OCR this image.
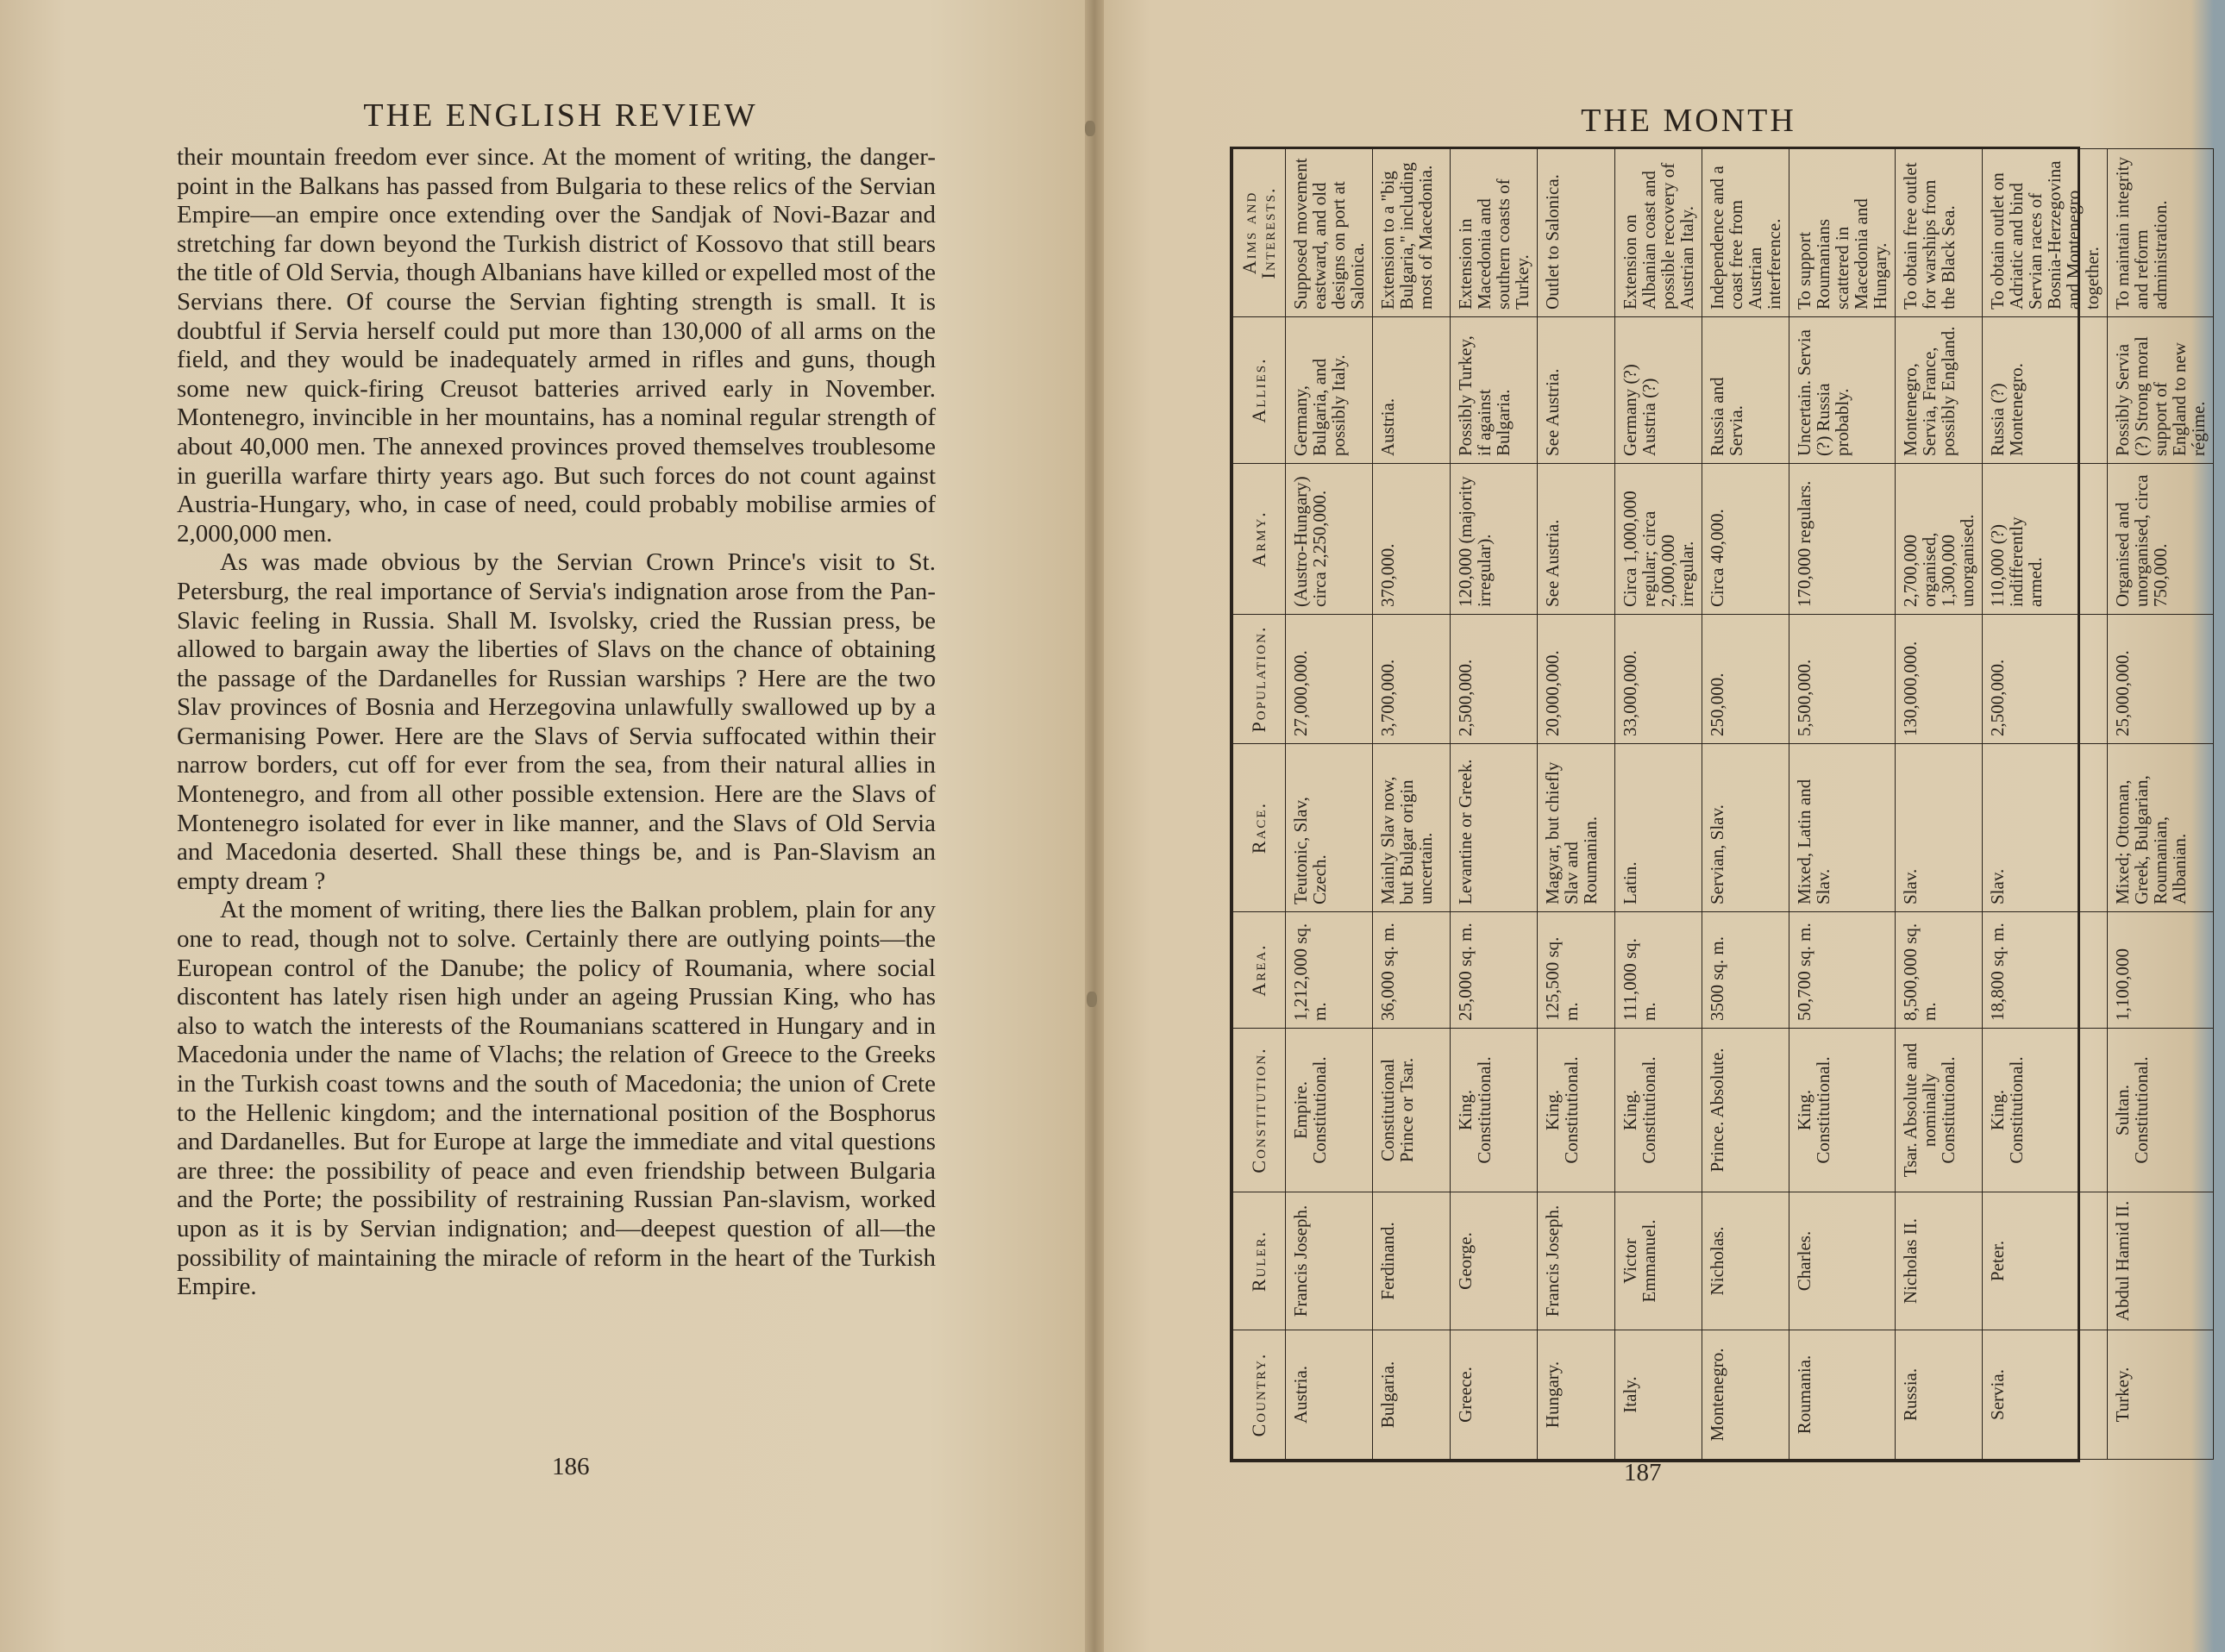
THE ENGLISH REVIEW

their mountain freedom ever since. At the moment of writing, the danger-point in the Balkans has passed from Bulgaria to these relics of the Servian Empire—an empire once extending over the Sandjak of Novi-Bazar and stretching far down beyond the Turkish district of Kossovo that still bears the title of Old Servia, though Albanians have killed or expelled most of the Servians there. Of course the Servian fighting strength is small. It is doubtful if Servia herself could put more than 130,000 of all arms on the field, and they would be inadequately armed in rifles and guns, though some new quick-firing Creusot batteries arrived early in November. Montenegro, invincible in her mountains, has a nominal regular strength of about 40,000 men. The annexed provinces proved themselves troublesome in guerilla warfare thirty years ago. But such forces do not count against Austria-Hungary, who, in case of need, could probably mobilise armies of 2,000,000 men.

As was made obvious by the Servian Crown Prince's visit to St. Petersburg, the real importance of Servia's indignation arose from the Pan-Slavic feeling in Russia. Shall M. Isvolsky, cried the Russian press, be allowed to bargain away the liberties of Slavs on the chance of obtaining the passage of the Dardanelles for Russian warships ? Here are the two Slav provinces of Bosnia and Herzegovina unlawfully swallowed up by a Germanising Power. Here are the Slavs of Servia suffocated within their narrow borders, cut off for ever from the sea, from their natural allies in Montenegro, and from all other possible extension. Here are the Slavs of Montenegro isolated for ever in like manner, and the Slavs of Old Servia and Macedonia deserted. Shall these things be, and is Pan-Slavism an empty dream ?

At the moment of writing, there lies the Balkan problem, plain for any one to read, though not to solve. Certainly there are outlying points—the European control of the Danube; the policy of Roumania, where social discontent has lately risen high under an ageing Prussian King, who has also to watch the interests of the Roumanians scattered in Hungary and in Macedonia under the name of Vlachs; the relation of Greece to the Greeks in the Turkish coast towns and the south of Macedonia; the union of Crete to the Hellenic kingdom; and the international position of the Bosphorus and Dardanelles. But for Europe at large the immediate and vital questions are three: the possibility of peace and even friendship between Bulgaria and the Porte; the possibility of restraining Russian Pan-slavism, worked upon as it is by Servian indignation; and—deepest question of all—the possibility of maintaining the miracle of reform in the heart of the Turkish Empire.

186
THE MONTH
Country.	Ruler.	Constitution.	Area.	Race.	Population.	Army.	Allies.	Aims and Interests.
Austria.	Francis Joseph.	Empire. Constitutional.	1,212,000 sq. m.	Teutonic, Slav, Czech.	27,000,000.	(Austro-Hungary) circa 2,250,000.	Germany, Bulgaria, and possibly Italy.	Supposed movement eastward, and old designs on port at Salonica.
Bulgaria.	Ferdinand.	Constitutional Prince or Tsar.	36,000 sq. m.	Mainly Slav now, but Bulgar origin uncertain.	3,700,000.	370,000.	Austria.	Extension to a "big Bulgaria," including most of Macedonia.
Greece.	George.	King. Constitutional.	25,000 sq. m.	Levantine or Greek.	2,500,000.	120,000 (majority irregular).	Possibly Turkey, if against Bulgaria.	Extension in Macedonia and southern coasts of Turkey.
Hungary.	Francis Joseph.	King. Constitutional.	125,500 sq. m.	Magyar, but chiefly Slav and Roumanian.	20,000,000.	See Austria.	See Austria.	Outlet to Salonica.
Italy.	Victor Emmanuel.	King. Constitutional.	111,000 sq. m.	Latin.	33,000,000.	Circa 1,000,000 regular; circa 2,000,000 irregular.	Germany (?) Austria (?)	Extension on Albanian coast and possible recovery of Austrian Italy.
Montenegro.	Nicholas.	Prince. Absolute.	3500 sq. m.	Servian, Slav.	250,000.	Circa 40,000.	Russia and Servia.	Independence and a coast free from Austrian interference.
Roumania.	Charles.	King. Constitutional.	50,700 sq. m.	Mixed, Latin and Slav.	5,500,000.	170,000 regulars.	Uncertain. Servia (?) Russia probably.	To support Roumanians scattered in Macedonia and Hungary.
Russia.	Nicholas II.	Tsar. Absolute and nominally Constitutional.	8,500,000 sq. m.	Slav.	130,000,000.	2,700,000 organised, 1,300,000 unorganised.	Montenegro, Servia, France, possibly England.	To obtain free outlet for warships from the Black Sea.
Servia.	Peter.	King. Constitutional.	18,800 sq. m.	Slav.	2,500,000.	110,000 (?) indifferently armed.	Russia (?) Montenegro.	To obtain outlet on Adriatic and bind Servian races of Bosnia-Herzegovina and Montenegro together.
Turkey.	Abdul Hamid II.	Sultan. Constitutional.	1,100,000	Mixed; Ottoman, Greek, Bulgarian, Roumanian, Albanian.	25,000,000.	Organised and unorganised, circa 750,000.	Possibly Servia (?) Strong moral support of England to new régime.	To maintain integrity and reform administration.
187
